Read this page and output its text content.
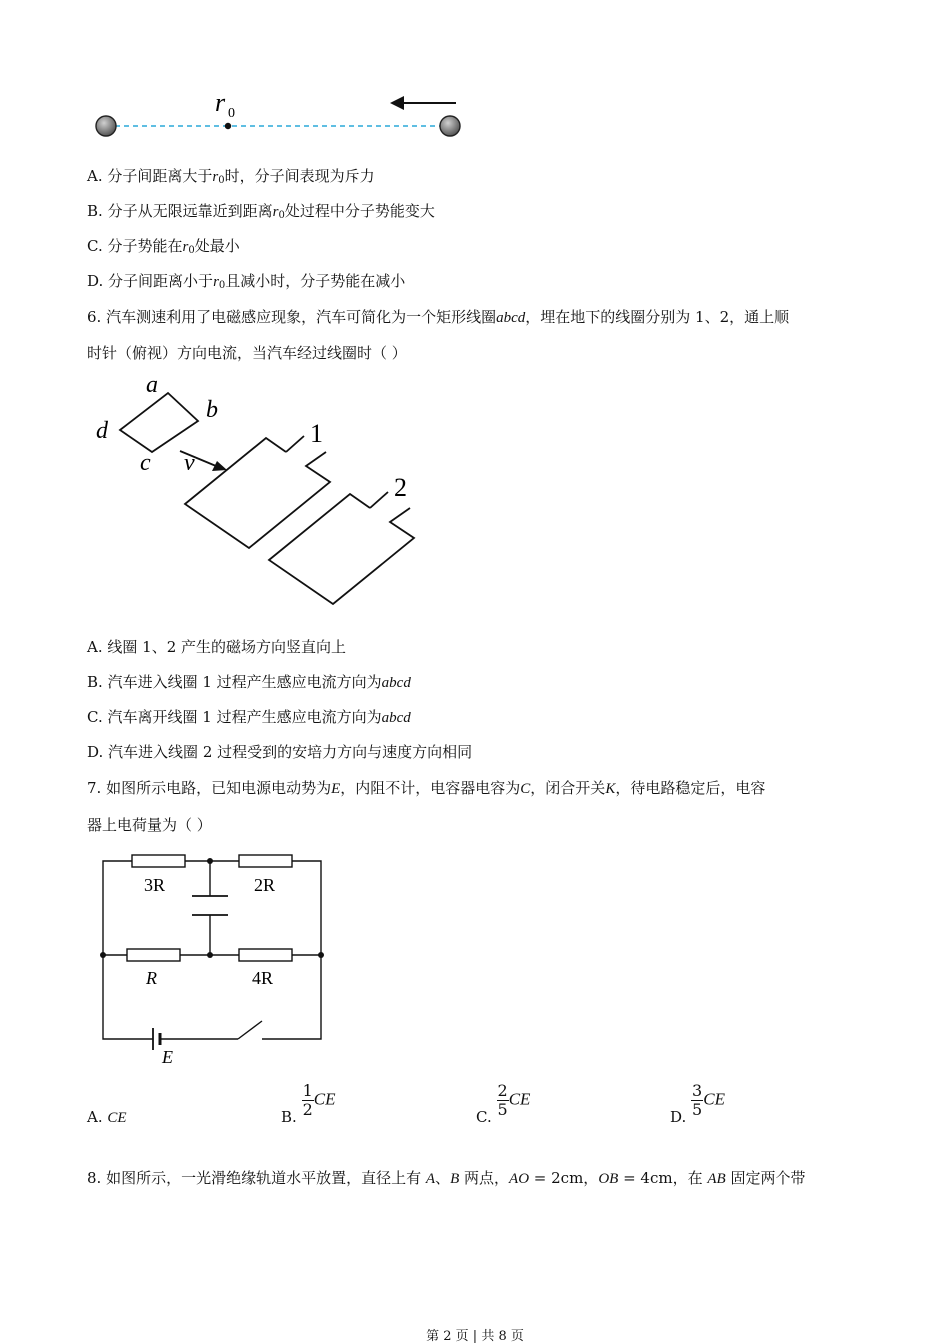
r 0
A. 分子间距离大于$r_0$时，分子间表现为斥力
B. 分子从无限远靠近到距离$r_0$处过程中分子势能变大
C. 分子势能在$r_0$处最小
D. 分子间距离小于$r_0$且减小时，分子势能在减小
6. 汽车测速利用了电磁感应现象，汽车可简化为一个矩形线圈abcd，埋在地下的线圈分别为 1、2，通上顺
时针（俯视）方向电流，当汽车经过线圈时（ ）
a
b
c
d
v
1
2
A. 线圈 1、2 产生的磁场方向竖直向上
B. 汽车进入线圈 1 过程产生感应电流方向为abcd
C. 汽车离开线圈 1 过程产生感应电流方向为abcd
D. 汽车进入线圈 2 过程受到的安培力方向与速度方向相同
7. 如图所示电路，已知电源电动势为E，内阻不计，电容器电容为C，闭合开关K，待电路稳定后，电容
器上电荷量为（ ）
3R	2R
R	4R
E
A. CE	B. $\frac{1}{2}$ CE
C. $\frac{2}{5}$ CE
D. $\frac{3}{5}$ CE
8. 如图所示，一光滑绝缘轨道水平放置，直径上有 A、B 两点，AO = 2cm，OB = 4cm，在 AB 固定两个带
第 2 页 | 共 8 页
